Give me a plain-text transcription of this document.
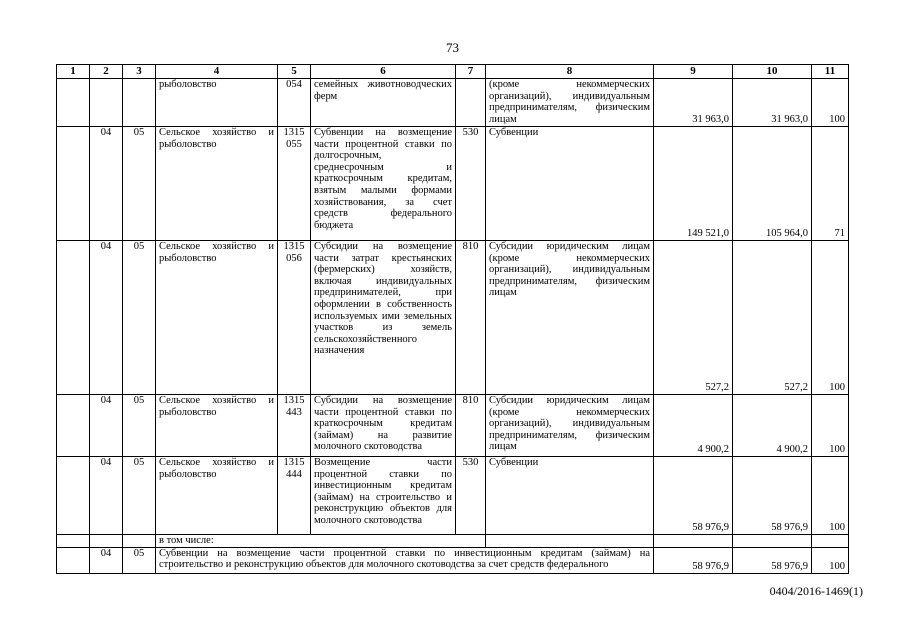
73
1	2	3	4	5	6	7	8	9	10	11
			рыболовство	054	семейных животноводческих ферм		(кроме некоммерческих организаций), индивидуальным предпринимателям, физическим лицам	31 963,0	31 963,0	100
	04	05	Сельское хозяйство и рыболовство	1315 055	Субвенции на возмещение части процентной ставки по долгосрочным, среднесрочным и краткосрочным кредитам, взятым малыми формами хозяйствования, за счет средств федерального бюджета	530	Субвенции	149 521,0	105 964,0	71
	04	05	Сельское хозяйство и рыболовство	1315 056	Субсидии на возмещение части затрат крестьянских (фермерских) хозяйств, включая индивидуальных предпринимателей, при оформлении в собственность используемых ими земельных участков из земель сельскохозяйственного назначения	810	Субсидии юридическим лицам (кроме некоммерческих организаций), индивидуальным предпринимателям, физическим лицам	527,2	527,2	100
	04	05	Сельское хозяйство и рыболовство	1315 443	Субсидии на возмещение части процентной ставки по краткосрочным кредитам (займам) на развитие молочного скотоводства	810	Субсидии юридическим лицам (кроме некоммерческих организаций), индивидуальным предпринимателям, физическим лицам	4 900,2	4 900,2	100
	04	05	Сельское хозяйство и рыболовство	1315 444	Возмещение части процентной ставки по инвестиционным кредитам (займам) на строительство и реконструкцию объектов для молочного скотоводства	530	Субвенции	58 976,9	58 976,9	100
			в том числе:							
	04	05	Субвенции на возмещение части процентной ставки по инвестиционным кредитам (займам) на строительство и реконструкцию объектов для молочного скотоводства за счет средств федерального					58 976,9	58 976,9	100
0404/2016-1469(1)
